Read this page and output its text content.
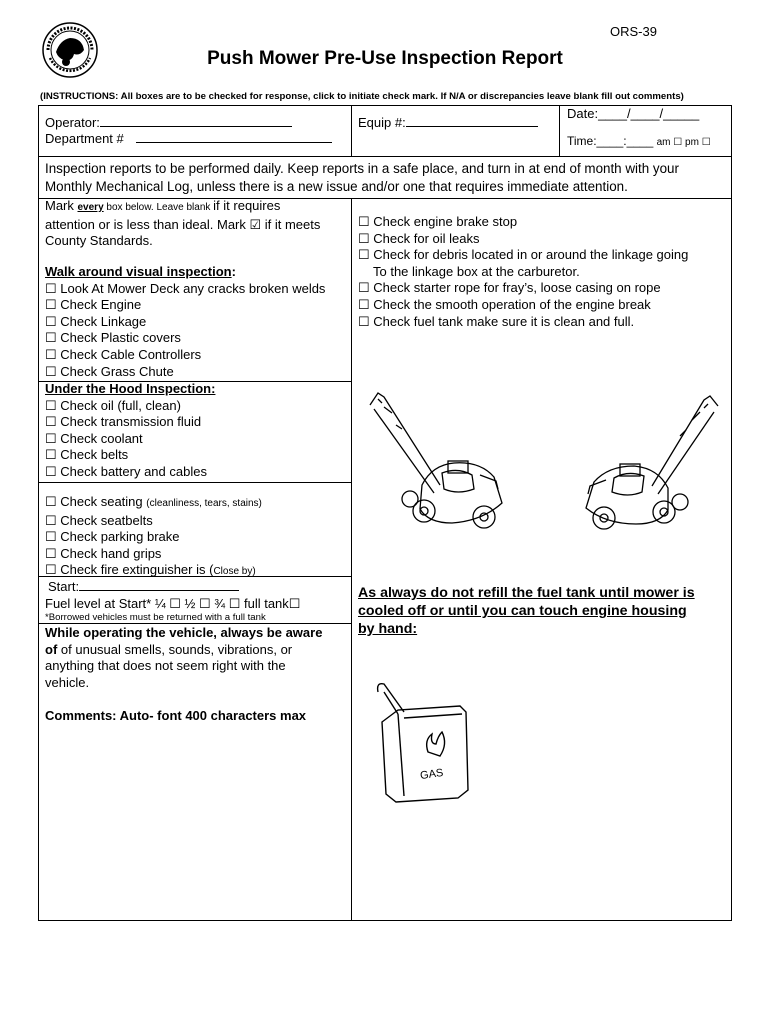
ORS-39
Push Mower Pre-Use Inspection Report
(INSTRUCTIONS: All boxes are to be checked for response, click to initiate check mark. If N/A or discrepancies leave blank fill out comments)
Operator:
Department #
Equip #:
Date:____/____/_____
Time:____:____ am ☐ pm ☐
Inspection reports to be performed daily. Keep reports in a safe place, and turn in at end of month with your
Monthly Mechanical Log, unless there is a new issue and/or one that requires immediate attention.
Mark every box below. Leave blank if it requires
attention or is less than ideal. Mark ☑ if it meets
County Standards.
Walk around visual inspection:
☐ Look At Mower Deck any cracks broken welds
☐ Check Engine
☐ Check Linkage
☐ Check Plastic covers
☐ Check Cable Controllers
☐ Check Grass Chute
Under the Hood Inspection:
☐ Check oil (full, clean)
☐ Check transmission fluid
☐ Check coolant
☐ Check belts
☐ Check battery and cables
☐ Check seating (cleanliness, tears, stains)
☐ Check seatbelts
☐ Check parking brake
☐ Check hand grips
☐ Check fire extinguisher is (Close by)
Start:
Fuel level at Start* ¼ ☐ ½ ☐ ¾ ☐ full tank☐
*Borrowed vehicles must be returned with a full tank
While operating the vehicle, always be aware
of of unusual smells, sounds, vibrations, or
anything that does not seem right with the
vehicle.
Comments: Auto- font 400 characters max
☐ Check engine brake stop
☐ Check for oil leaks
☐ Check for debris located in or around the linkage going
To the linkage box at the carburetor.
☐ Check starter rope for fray’s, loose casing on rope
☐ Check the smooth operation of the engine break
☐ Check fuel tank make sure it is clean and full.
As always do not refill the fuel tank until mower is
cooled off or until you can touch engine housing
by hand:
GAS
